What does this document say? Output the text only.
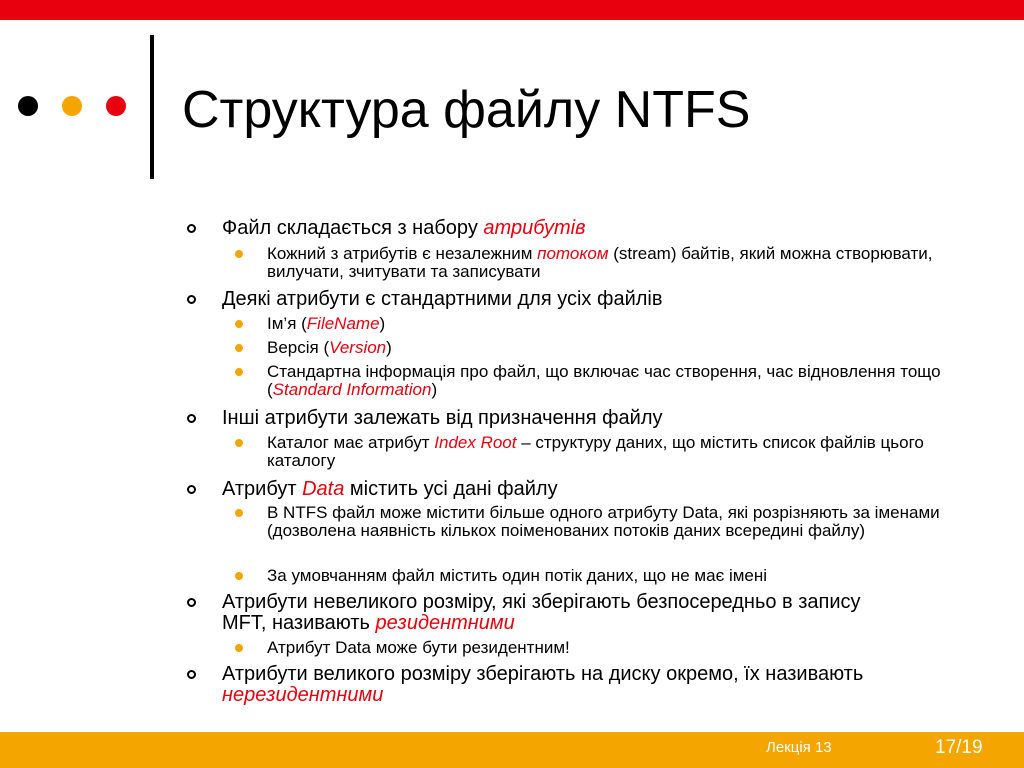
Структура файлу NTFS
Файл складається з набору атрибутів
Кожний з атрибутів є незалежним потоком (stream) байтів, який можна створювати, вилучати, зчитувати та записувати
Деякі атрибути є стандартними для усіх файлів
Ім’я (FileName)
Версія (Version)
Стандартна інформація про файл, що включає час створення, час відновлення тощо (Standard Information)
Інші атрибути залежать від призначення файлу
Каталог має атрибут Index Root – структуру даних, що містить список файлів цього каталогу
Атрибут Data містить усі дані файлу
В NTFS файл може містити більше одного атрибуту Data, які розрізняють за іменами (дозволена наявність кількох поіменованих потоків даних всередині файлу)
За умовчанням файл містить один потік даних, що не має імені
Атрибути невеликого розміру, які зберігають безпосередньо в запису MFT, називають резидентними
Атрибут Data може бути резидентним!
Атрибути великого розміру зберігають на диску окремо, їх називають нерезидентними
Лекція 13	17/19
